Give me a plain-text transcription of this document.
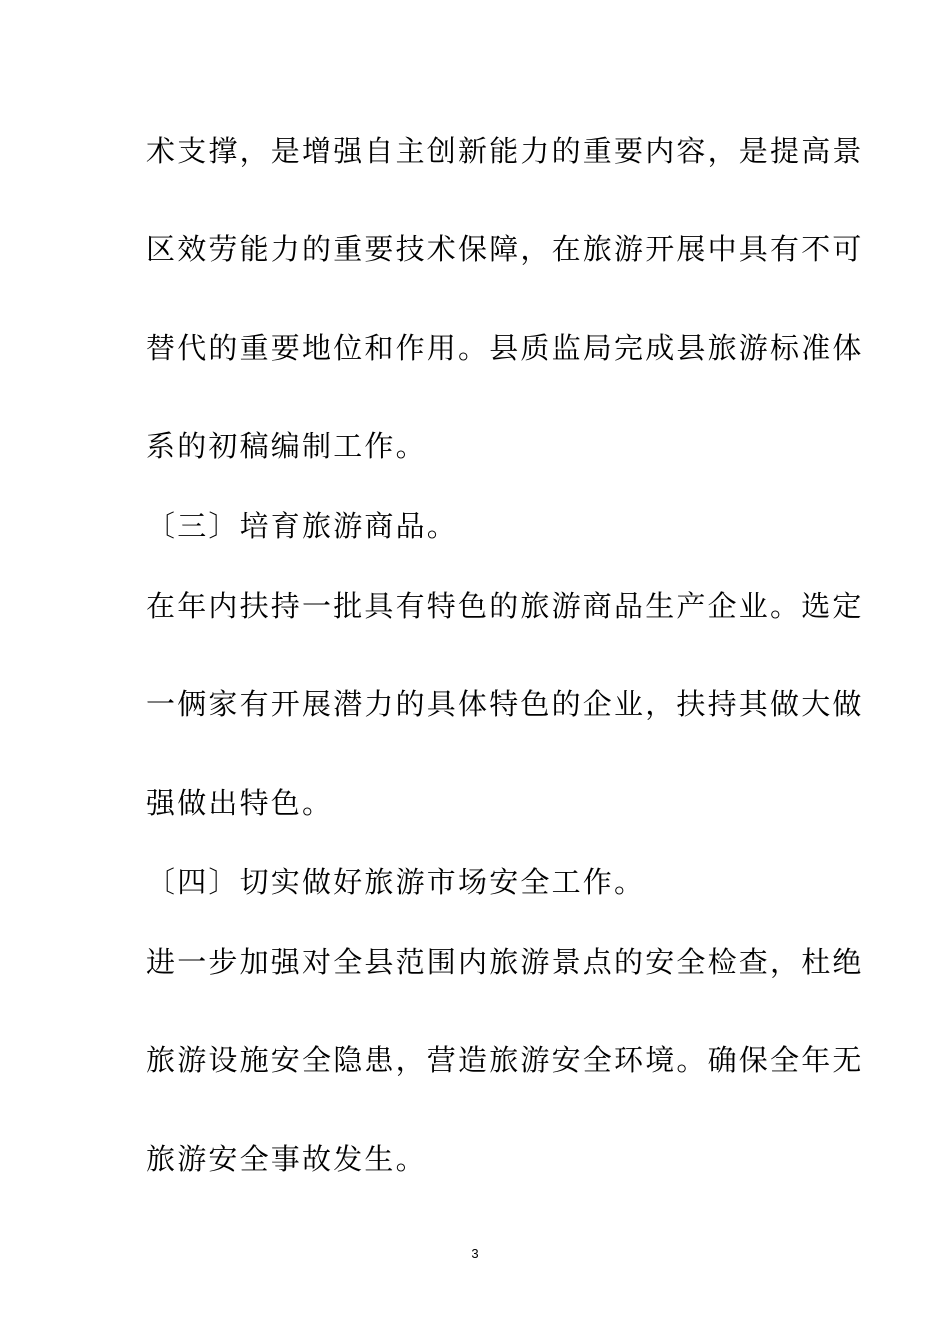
术支撑，是增强自主创新能力的重要内容，是提高景
区效劳能力的重要技术保障，在旅游开展中具有不可
替代的重要地位和作用。县质监局完成县旅游标准体
系的初稿编制工作。
〔三〕培育旅游商品。
在年内扶持一批具有特色的旅游商品生产企业。选定
一俩家有开展潜力的具体特色的企业，扶持其做大做
强做出特色。
〔四〕切实做好旅游市场安全工作。
进一步加强对全县范围内旅游景点的安全检查，杜绝
旅游设施安全隐患，营造旅游安全环境。确保全年无
旅游安全事故发生。
3
